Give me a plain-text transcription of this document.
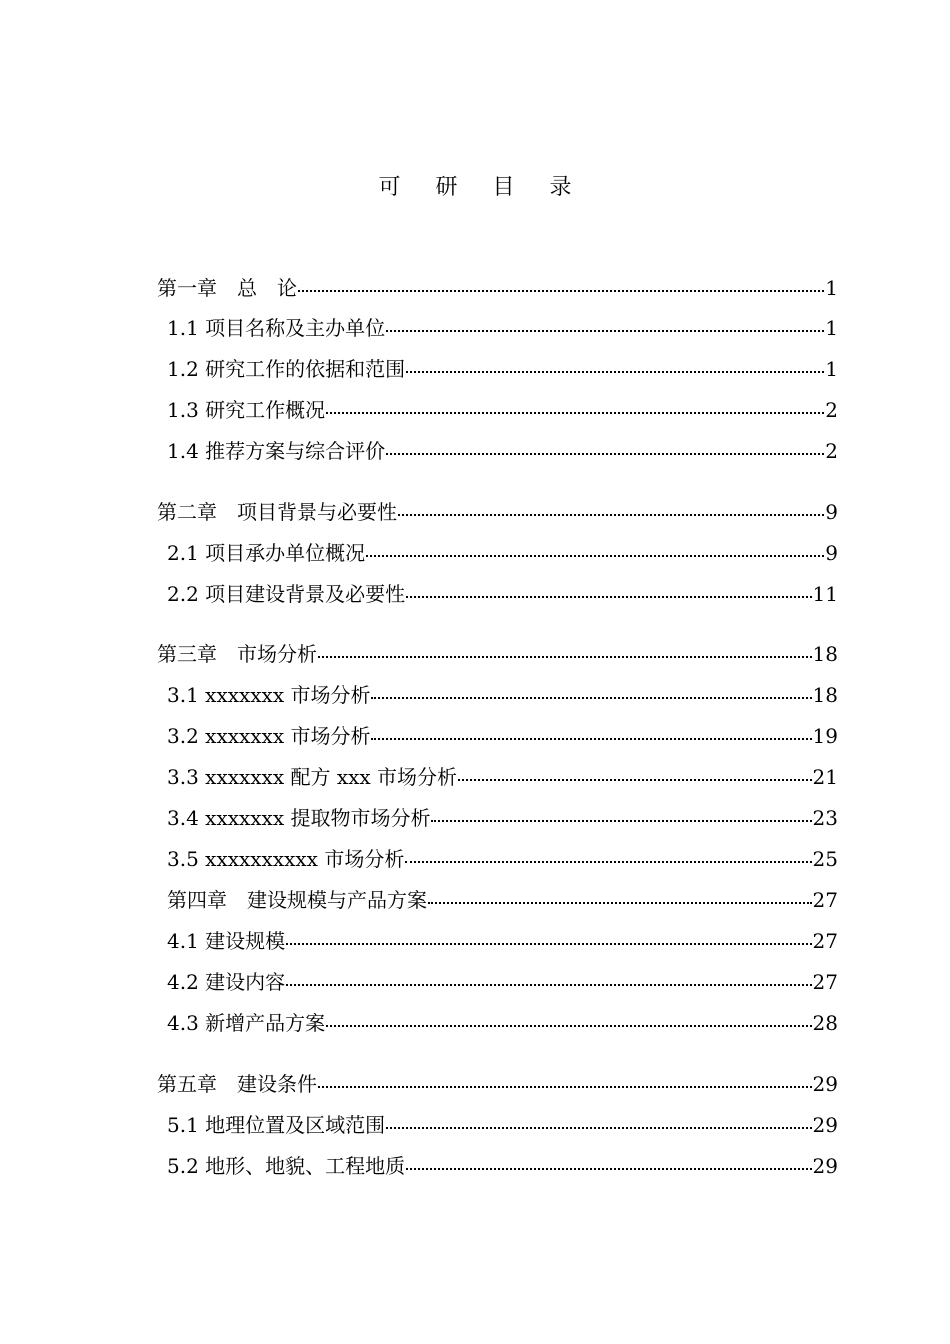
可 研 目 录
第一章　总　论	1
1.1 项目名称及主办单位	1
1.2 研究工作的依据和范围	1
1.3 研究工作概况	2
1.4 推荐方案与综合评价	2
第二章　项目背景与必要性	9
2.1 项目承办单位概况	9
2.2 项目建设背景及必要性	11
第三章　市场分析	18
3.1 xxxxxxx 市场分析	18
3.2 xxxxxxx 市场分析	19
3.3 xxxxxxx 配方 xxx 市场分析	21
3.4 xxxxxxx 提取物市场分析	23
3.5 xxxxxxxxxx 市场分析	25
第四章　建设规模与产品方案	27
4.1 建设规模	27
4.2 建设内容	27
4.3 新增产品方案	28
第五章　建设条件	29
5.1 地理位置及区域范围	29
5.2 地形、地貌、工程地质	29
